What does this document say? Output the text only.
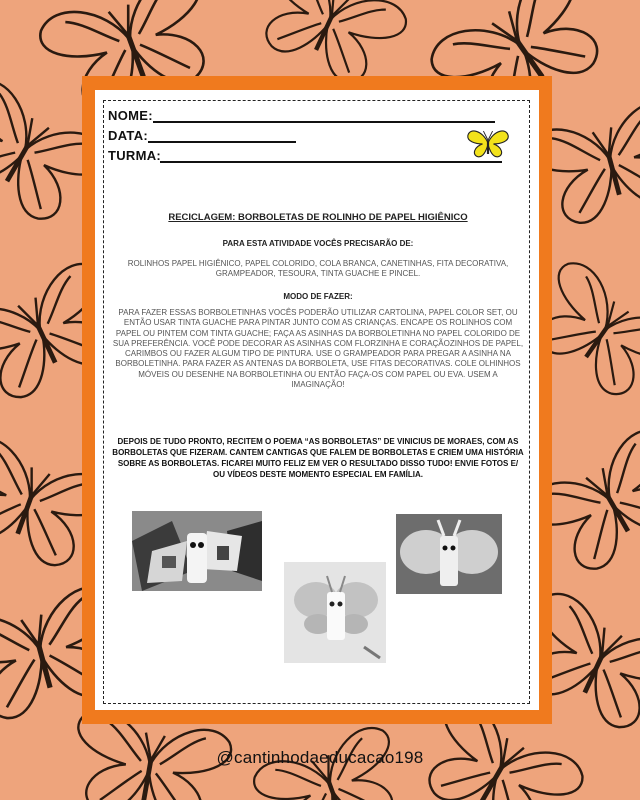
NOME:
DATA:
TURMA:
RECICLAGEM: BORBOLETAS DE ROLINHO DE PAPEL HIGIÊNICO
PARA ESTA ATIVIDADE VOCÊS PRECISARÃO DE:
ROLINHOS PAPEL HIGIÊNICO, PAPEL COLORIDO, COLA BRANCA, CANETINHAS, FITA DECORATIVA, GRAMPEADOR, TESOURA, TINTA GUACHE E PINCEL.
MODO DE FAZER:
PARA FAZER ESSAS BORBOLETINHAS VOCÊS PODERÃO UTILIZAR CARTOLINA, PAPEL COLOR SET, OU ENTÃO USAR TINTA GUACHE PARA PINTAR JUNTO COM AS CRIANÇAS. ENCAPE OS ROLINHOS COM PAPEL OU PINTEM COM TINTA GUACHE; FAÇA AS ASINHAS DA BORBOLETINHA NO PAPEL COLORIDO DE SUA PREFERÊNCIA. VOCÊ PODE DECORAR AS ASINHAS COM FLORZINHA E CORAÇÃOZINHOS DE PAPEL, CARIMBOS OU FAZER ALGUM TIPO DE PINTURA. USE O GRAMPEADOR PARA PREGAR A ASINHA NA BORBOLETINHA. PARA FAZER AS ANTENAS DA BORBOLETA, USE FITAS DECORATIVAS. COLE OLHINHOS MÓVEIS OU DESENHE NA BORBOLETINHA OU ENTÃO FAÇA-OS COM PAPEL OU EVA. USEM A IMAGINAÇÃO!
DEPOIS DE TUDO PRONTO, RECITEM O POEMA “AS BORBOLETAS” DE VINICIUS DE MORAES, COM AS BORBOLETAS QUE FIZERAM. CANTEM CANTIGAS QUE FALEM DE BORBOLETAS E CRIEM UMA HISTÓRIA SOBRE AS BORBOLETAS. FICAREI MUITO FELIZ EM VER O RESULTADO DISSO TUDO! ENVIE FOTOS E/ OU VÍDEOS DESTE MOMENTO ESPECIAL EM FAMÍLIA.
@cantinhodaeducacao198
